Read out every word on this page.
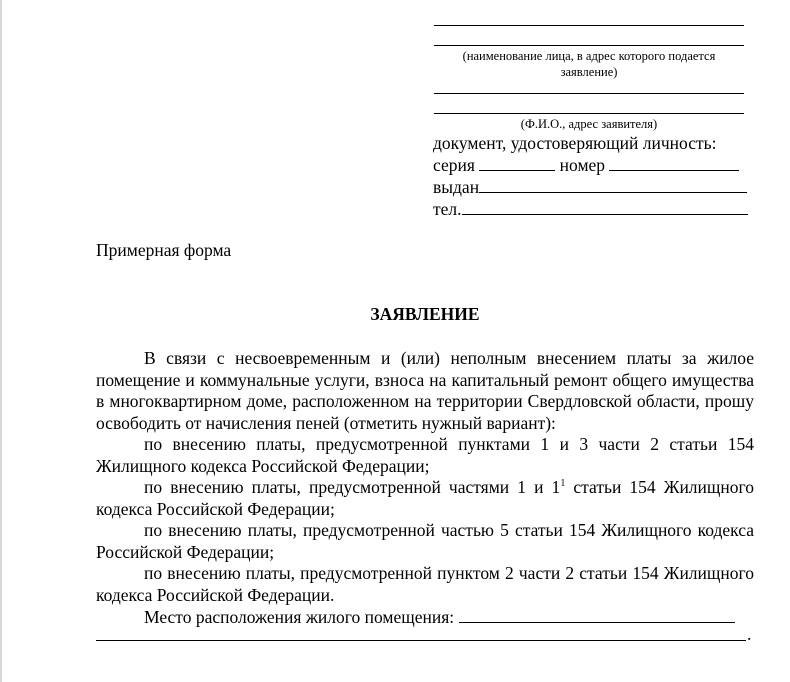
(наименование лица, в адрес которого подается заявление)
(Ф.И.О., адрес заявителя)
документ, удостоверяющий личность:
серия	номер
выдан
тел.
Примерная форма
ЗАЯВЛЕНИЕ

В связи с несвоевременным и (или) неполным внесением платы за жилое помещение и коммунальные услуги, взноса на капитальный ремонт общего имущества в многоквартирном доме, расположенном на территории Свердловской области, прошу освободить от начисления пеней (отметить нужный вариант):

по внесению платы, предусмотренной пунктами 1 и 3 части 2 статьи 154 Жилищного кодекса Российской Федерации;

по внесению платы, предусмотренной частями 1 и $1^1$ статьи 154 Жилищного кодекса Российской Федерации;

по внесению платы, предусмотренной частью 5 статьи 154 Жилищного кодекса Российской Федерации;

по внесению платы, предусмотренной пунктом 2 части 2 статьи 154 Жилищного кодекса Российской Федерации.

Место расположения жилого помещения:

.
